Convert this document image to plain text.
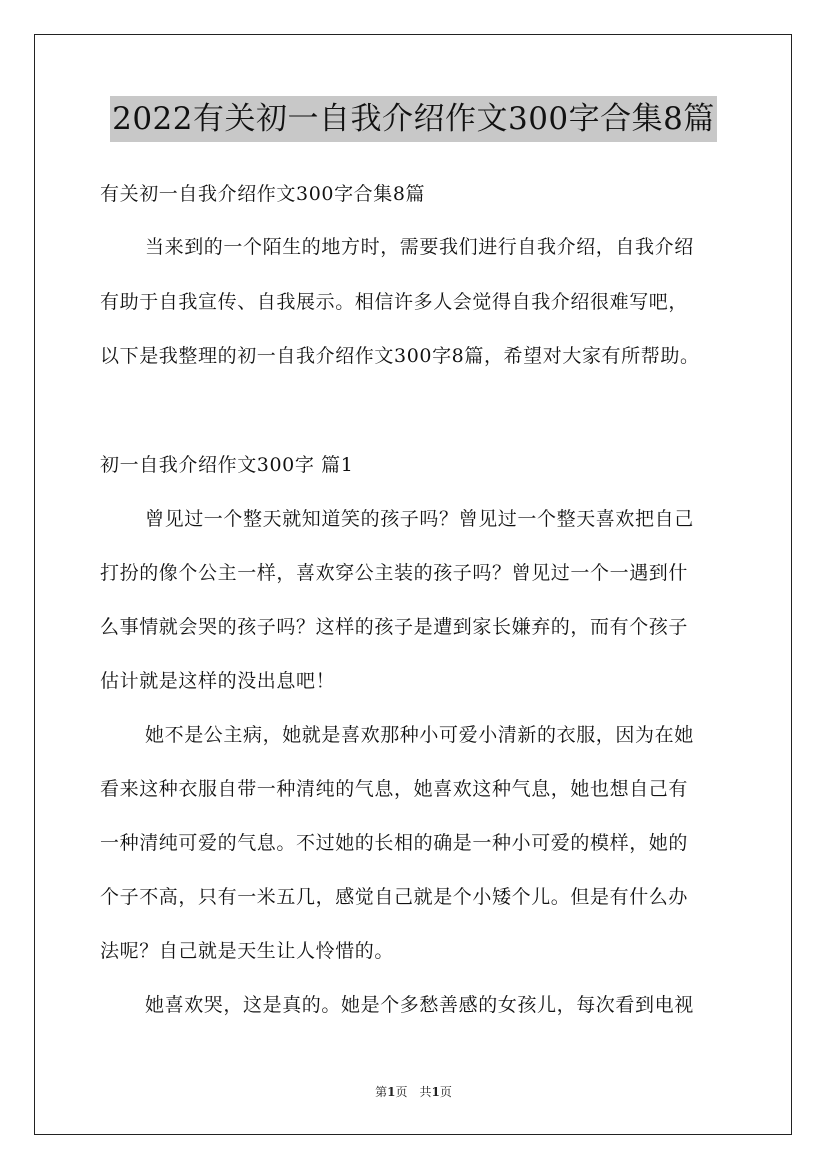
2022有关初一自我介绍作文300字合集8篇
有关初一自我介绍作文300字合集8篇
当来到的一个陌生的地方时，需要我们进行自我介绍，自我介绍
有助于自我宣传、自我展示。相信许多人会觉得自我介绍很难写吧，
以下是我整理的初一自我介绍作文300字8篇，希望对大家有所帮助。
初一自我介绍作文300字 篇1
曾见过一个整天就知道笑的孩子吗？曾见过一个整天喜欢把自己
打扮的像个公主一样，喜欢穿公主装的孩子吗？曾见过一个一遇到什
么事情就会哭的孩子吗？这样的孩子是遭到家长嫌弃的，而有个孩子
估计就是这样的没出息吧！
她不是公主病，她就是喜欢那种小可爱小清新的衣服，因为在她
看来这种衣服自带一种清纯的气息，她喜欢这种气息，她也想自己有
一种清纯可爱的气息。不过她的长相的确是一种小可爱的模样，她的
个子不高，只有一米五几，感觉自己就是个小矮个儿。但是有什么办
法呢？自己就是天生让人怜惜的。
她喜欢哭，这是真的。她是个多愁善感的女孩儿，每次看到电视
第1页　共1页
